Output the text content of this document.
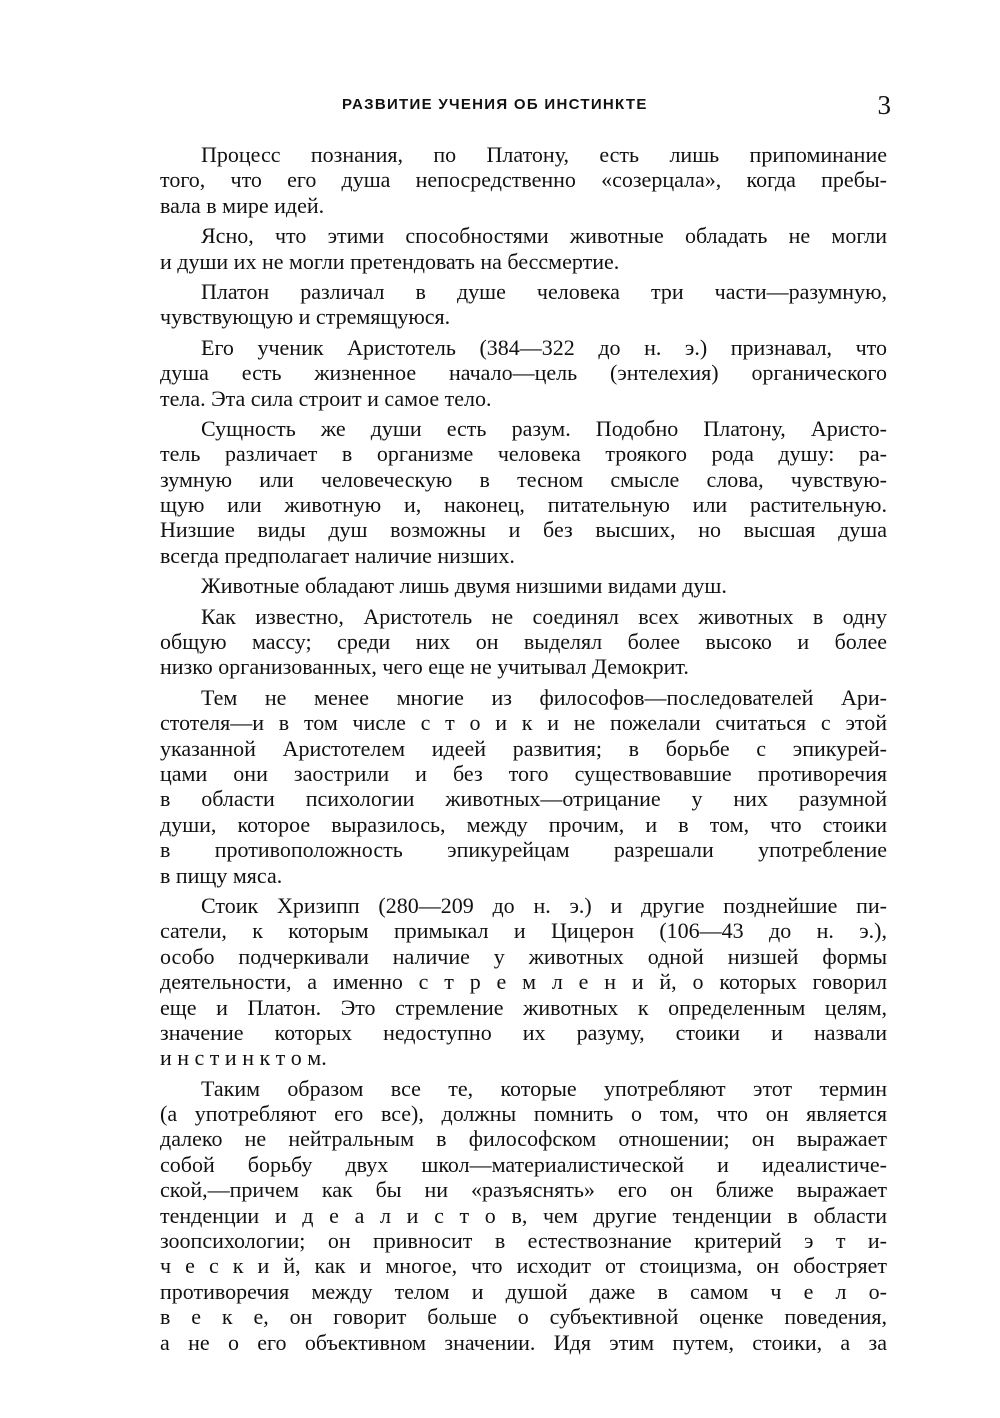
РАЗВИТИЕ УЧЕНИЯ ОБ ИНСТИНКТЕ	3
Процесс познания, по Платону, есть лишь припоминание
того, что его душа непосредственно «созерцала», когда пребы-
вала в мире идей.
Ясно, что этими способностями животные обладать не могли
и души их не могли претендовать на бессмертие.
Платон различал в душе человека три части—разумную,
чувствующую и стремящуюся.
Его ученик Аристотель (384—322 до н. э.) признавал, что
душа есть жизненное начало—цель (энтелехия) органического
тела. Эта сила строит и самое тело.
Сущность же души есть разум. Подобно Платону, Аристо-
тель различает в организме человека троякого рода душу: ра-
зумную или человеческую в тесном смысле слова, чувствую-
щую или животную и, наконец, питательную или растительную.
Низшие виды душ возможны и без высших, но высшая душа
всегда предполагает наличие низших.
Животные обладают лишь двумя низшими видами душ.
Как известно, Аристотель не соединял всех животных в одну
общую массу; среди них он выделял более высоко и более
низко организованных, чего еще не учитывал Демокрит.
Тем не менее многие из философов—последователей Ари-
стотеля—и в том числе с т о и к и не пожелали считаться с этой
указанной Аристотелем идеей развития; в борьбе с эпикурей-
цами они заострили и без того существовавшие противоречия
в области психологии животных—отрицание у них разумной
души, которое выразилось, между прочим, и в том, что стоики
в противоположность эпикурейцам разрешали употребление
в пищу мяса.
Стоик Хризипп (280—209 до н. э.) и другие позднейшие пи-
сатели, к которым примыкал и Цицерон (106—43 до н. э.),
особо подчеркивали наличие у животных одной низшей формы
деятельности, а именно с т р е м л е н и й, о которых говорил
еще и Платон. Это стремление животных к определенным целям,
значение которых недоступно их разуму, стоики и назвали
и н с т и н к т о м.
Таким образом все те, которые употребляют этот термин
(а употребляют его все), должны помнить о том, что он является
далеко не нейтральным в философском отношении; он выражает
собой борьбу двух школ—материалистической и идеалистиче-
ской,—причем как бы ни «разъяснять» его он ближе выражает
тенденции и д е а л и с т о в, чем другие тенденции в области
зоопсихологии; он привносит в естествознание критерий э т и-
ч е с к и й, как и многое, что исходит от стоицизма, он обостряет
противоречия между телом и душой даже в самом ч е л о-
в е к е, он говорит больше о субъективной оценке поведения,
а не о его объективном значении. Идя этим путем, стоики, а за
